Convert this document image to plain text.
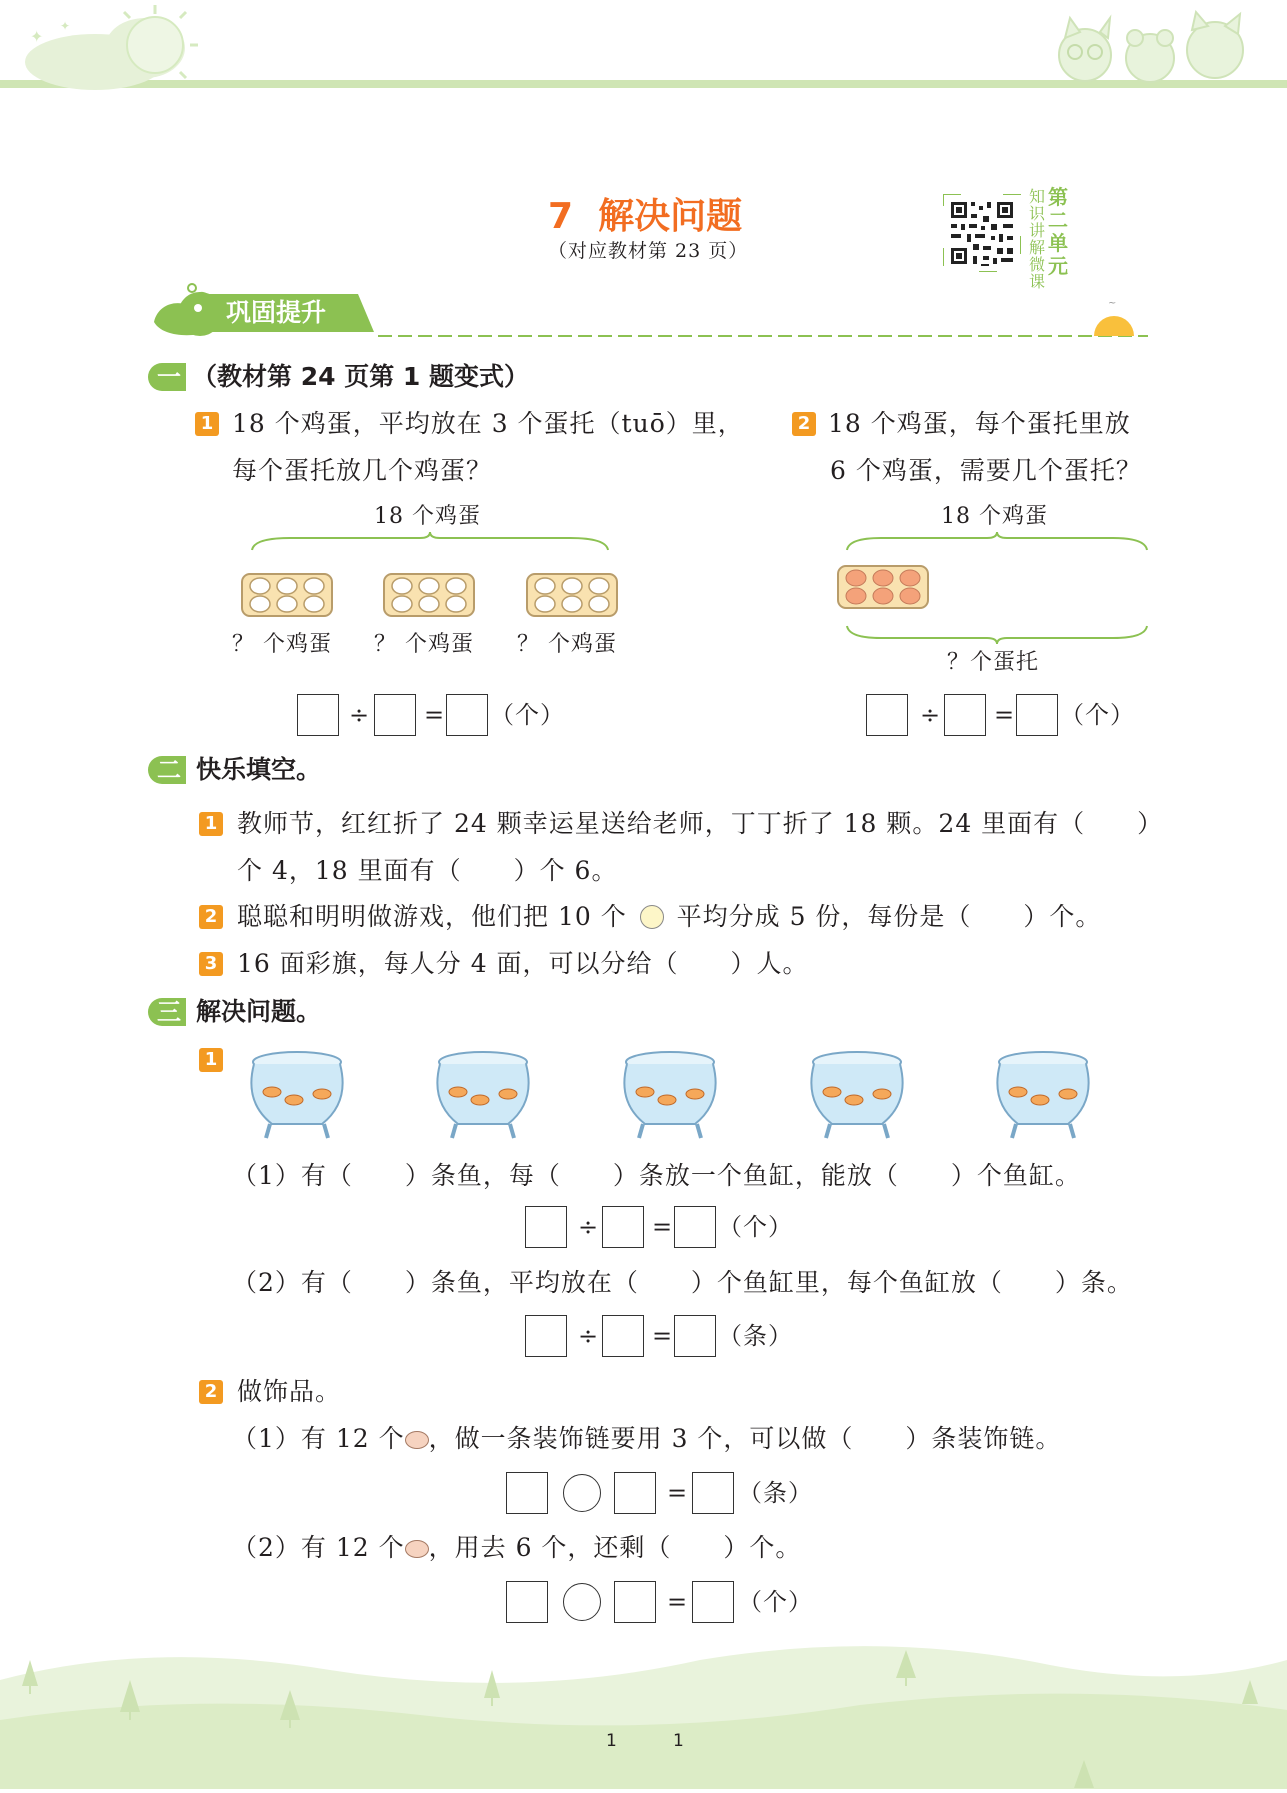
✦
✦
7 解决问题
（对应教材第 23 页）
知识讲解微课
第二单元
~
巩固提升
一 （教材第 24 页第 1 题变式）
1 18 个鸡蛋，平均放在 3 个蛋托（tuō）里，
每个蛋托放几个鸡蛋？
18 个鸡蛋
？ 个鸡蛋 ？ 个鸡蛋 ？ 个鸡蛋
÷ = （个）
2 18 个鸡蛋，每个蛋托里放
6 个鸡蛋，需要几个蛋托？
18 个鸡蛋
？个蛋托
÷ = （个）
二 快乐填空。
1 教师节，红红折了 24 颗幸运星送给老师，丁丁折了 18 颗。24 里面有（　　）
个 4，18 里面有（　　）个 6。
2 聪聪和明明做游戏，他们把 10 个 平均分成 5 份，每份是（　　）个。
3 16 面彩旗，每人分 4 面，可以分给（　　）人。
三 解决问题。
1
（1）有（　　）条鱼，每（　　）条放一个鱼缸，能放（　　）个鱼缸。
÷ = （个）
（2）有（　　）条鱼，平均放在（　　）个鱼缸里，每个鱼缸放（　　）条。
÷ = （条）
2 做饰品。
（1）有 12 个 ，做一条装饰链要用 3 个，可以做（　　）条装饰链。
= （条）
（2）有 12 个 ，用去 6 个，还剩（　　）个。
= （个）
1	1
